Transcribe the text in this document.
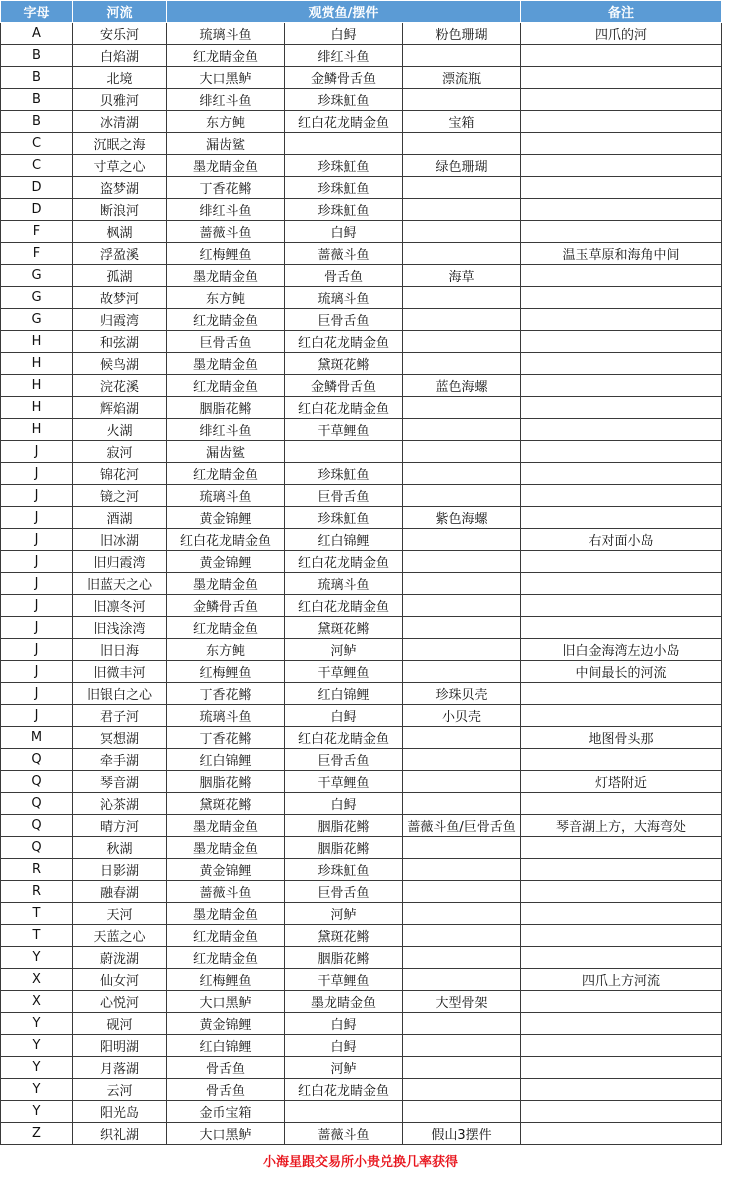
字母	河流	观赏鱼/摆件			备注
A	安乐河	琉璃斗鱼	白鲟	粉色珊瑚	四爪的河
B	白焰湖	红龙睛金鱼	绯红斗鱼		
B	北境	大口黑鲈	金鳞骨舌鱼	漂流瓶	
B	贝雅河	绯红斗鱼	珍珠魟鱼		
B	冰清湖	东方鲀	红白花龙睛金鱼	宝箱	
C	沉眠之海	漏齿鲨			
C	寸草之心	墨龙睛金鱼	珍珠魟鱼	绿色珊瑚	
D	盗梦湖	丁香花鳉	珍珠魟鱼		
D	断浪河	绯红斗鱼	珍珠魟鱼		
F	枫湖	蔷薇斗鱼	白鲟		
F	浮盈溪	红梅鲤鱼	蔷薇斗鱼		温玉草原和海角中间
G	孤湖	墨龙睛金鱼	骨舌鱼	海草	
G	故梦河	东方鲀	琉璃斗鱼		
G	归霞湾	红龙睛金鱼	巨骨舌鱼		
H	和弦湖	巨骨舌鱼	红白花龙睛金鱼		
H	候鸟湖	墨龙睛金鱼	黛斑花鳉		
H	浣花溪	红龙睛金鱼	金鳞骨舌鱼	蓝色海螺	
H	辉焰湖	胭脂花鳉	红白花龙睛金鱼		
H	火湖	绯红斗鱼	干草鲤鱼		
J	寂河	漏齿鲨			
J	锦花河	红龙睛金鱼	珍珠魟鱼		
J	镜之河	琉璃斗鱼	巨骨舌鱼		
J	酒湖	黄金锦鲤	珍珠魟鱼	紫色海螺	
J	旧冰湖	红白花龙睛金鱼	红白锦鲤		右对面小岛
J	旧归霞湾	黄金锦鲤	红白花龙睛金鱼		
J	旧蓝天之心	墨龙睛金鱼	琉璃斗鱼		
J	旧凛冬河	金鳞骨舌鱼	红白花龙睛金鱼		
J	旧浅涂湾	红龙睛金鱼	黛斑花鳉		
J	旧日海	东方鲀	河鲈		旧白金海湾左边小岛
J	旧微丰河	红梅鲤鱼	干草鲤鱼		中间最长的河流
J	旧银白之心	丁香花鳉	红白锦鲤	珍珠贝壳	
J	君子河	琉璃斗鱼	白鲟	小贝壳	
M	冥想湖	丁香花鳉	红白花龙睛金鱼		地图骨头那
Q	牵手湖	红白锦鲤	巨骨舌鱼		
Q	琴音湖	胭脂花鳉	干草鲤鱼		灯塔附近
Q	沁茶湖	黛斑花鳉	白鲟		
Q	晴方河	墨龙睛金鱼	胭脂花鳉	蔷薇斗鱼/巨骨舌鱼	琴音湖上方，大海弯处
Q	秋湖	墨龙睛金鱼	胭脂花鳉		
R	日影湖	黄金锦鲤	珍珠魟鱼		
R	融春湖	蔷薇斗鱼	巨骨舌鱼		
T	天河	墨龙睛金鱼	河鲈		
T	天蓝之心	红龙睛金鱼	黛斑花鳉		
Y	蔚泷湖	红龙睛金鱼	胭脂花鳉		
X	仙女河	红梅鲤鱼	干草鲤鱼		四爪上方河流
X	心悦河	大口黑鲈	墨龙睛金鱼	大型骨架	
Y	砚河	黄金锦鲤	白鲟		
Y	阳明湖	红白锦鲤	白鲟		
Y	月落湖	骨舌鱼	河鲈		
Y	云河	骨舌鱼	红白花龙睛金鱼		
Y	阳光岛	金币宝箱			
Z	织礼湖	大口黑鲈	蔷薇斗鱼	假山3摆件	
小海星跟交易所小贵兑换几率获得
